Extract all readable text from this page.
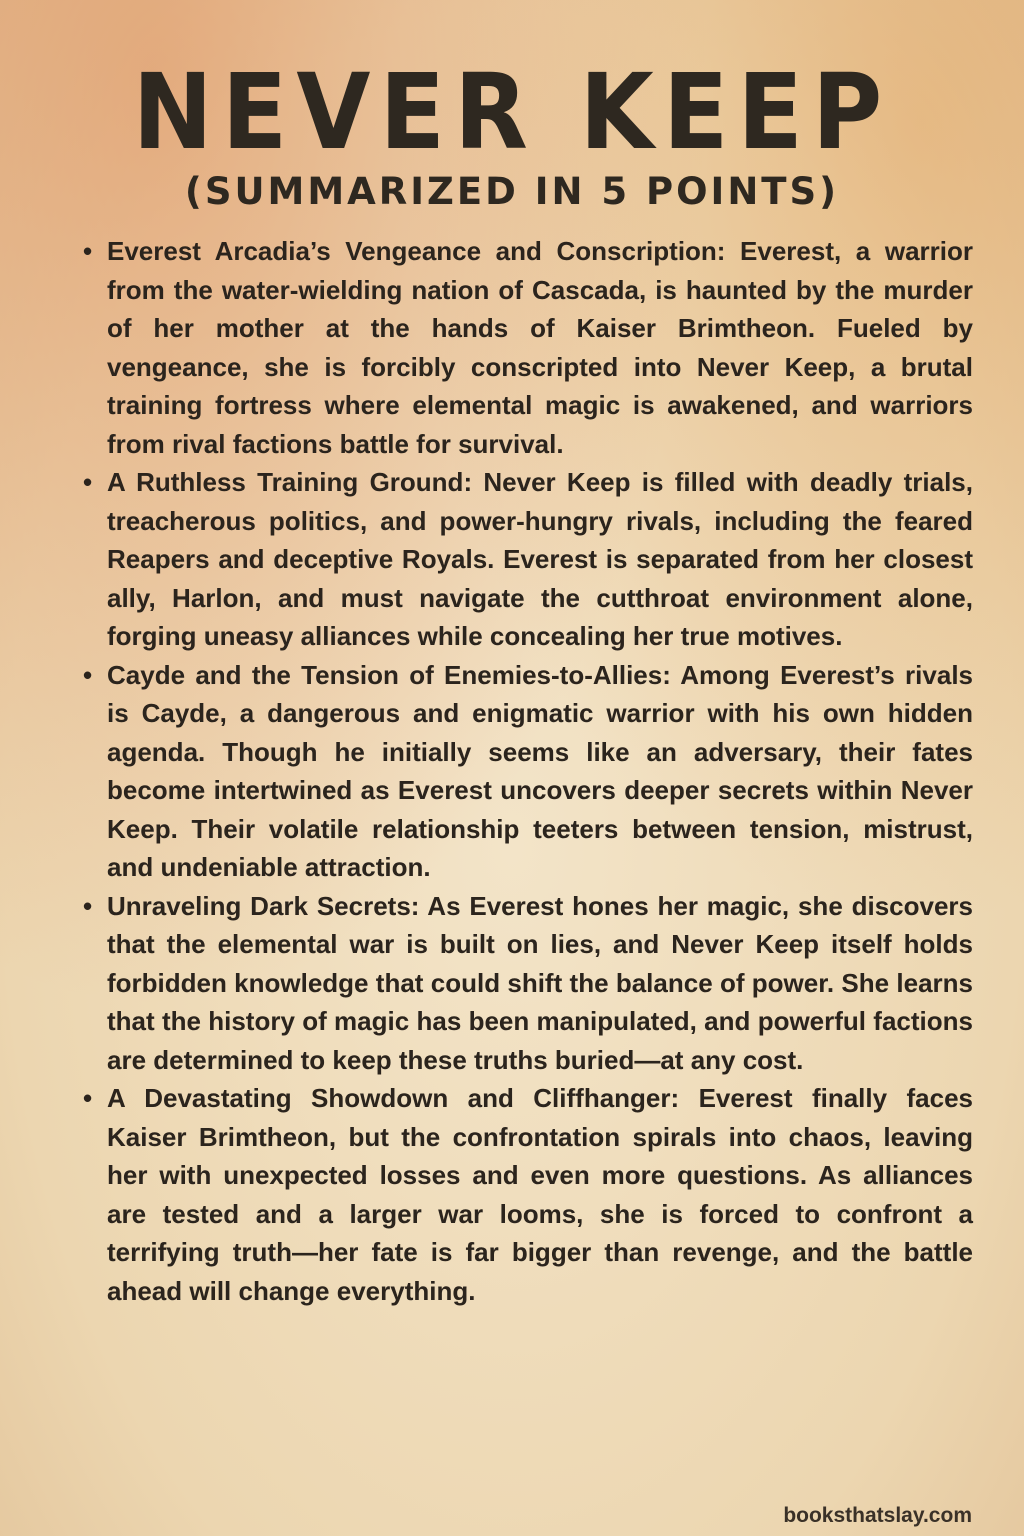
NEVER KEEP
(SUMMARIZED IN 5 POINTS)
• Everest Arcadia’s Vengeance and Conscription: Everest, a warrior from the water-wielding nation of Cascada, is haunted by the murder of her mother at the hands of Kaiser Brimtheon. Fueled by vengeance, she is forcibly conscripted into Never Keep, a brutal training fortress where elemental magic is awakened, and warriors from rival factions battle for survival.
• A Ruthless Training Ground: Never Keep is filled with deadly trials, treacherous politics, and power-hungry rivals, including the feared Reapers and deceptive Royals. Everest is separated from her closest ally, Harlon, and must navigate the cutthroat environment alone, forging uneasy alliances while concealing her true motives.
• Cayde and the Tension of Enemies-to-Allies: Among Everest’s rivals is Cayde, a dangerous and enigmatic warrior with his own hidden agenda. Though he initially seems like an adversary, their fates become intertwined as Everest uncovers deeper secrets within Never Keep. Their volatile relationship teeters between tension, mistrust, and undeniable attraction.
• Unraveling Dark Secrets: As Everest hones her magic, she discovers that the elemental war is built on lies, and Never Keep itself holds forbidden knowledge that could shift the balance of power. She learns that the history of magic has been manipulated, and powerful factions are determined to keep these truths buried—at any cost.
• A Devastating Showdown and Cliffhanger: Everest finally faces Kaiser Brimtheon, but the confrontation spirals into chaos, leaving her with unexpected losses and even more questions. As alliances are tested and a larger war looms, she is forced to confront a terrifying truth—her fate is far bigger than revenge, and the battle ahead will change everything.
booksthatslay.com
